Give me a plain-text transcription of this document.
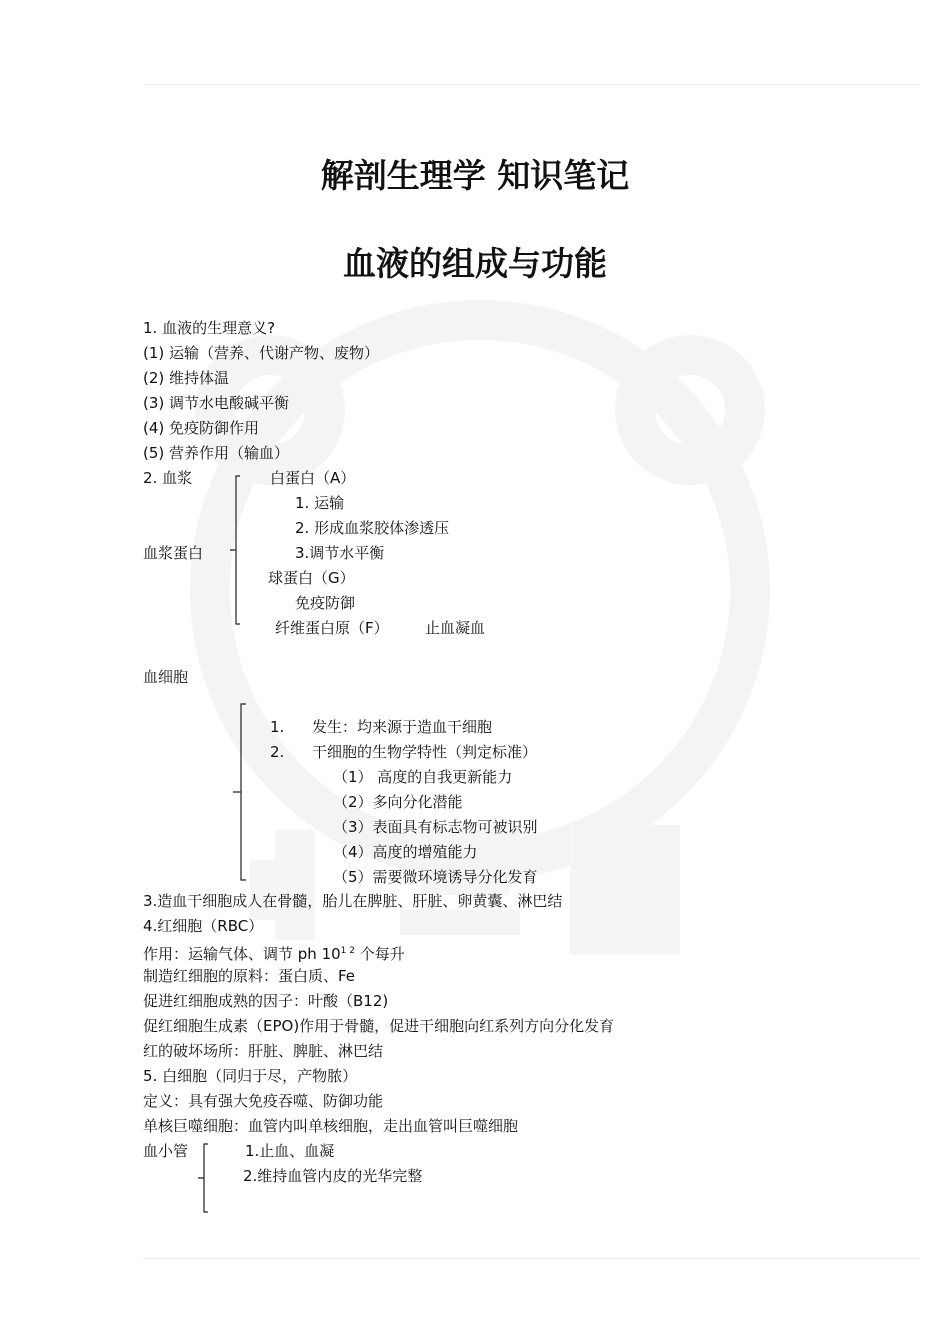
解剖生理学 知识笔记
血液的组成与功能
1. 血液的生理意义?
(1) 运输（营养、代谢产物、废物）
(2) 维持体温
(3) 调节水电酸碱平衡
(4) 免疫防御作用
(5) 营养作用（输血）
2. 血浆
血浆蛋白
白蛋白（A）
1. 运输
2. 形成血浆胶体渗透压
3.调节水平衡
球蛋白（G）
免疫防御
纤维蛋白原（F） 止血凝血
血细胞
1. 发生：均来源于造血干细胞
2. 干细胞的生物学特性（判定标准）
（1） 高度的自我更新能力
（2）多向分化潜能
（3）表面具有标志物可被识别
（4）高度的增殖能力
（5）需要微环境诱导分化发育
3.造血干细胞成人在骨髓，胎儿在脾脏、肝脏、卵黄囊、淋巴结
4.红细胞（RBC）
作用：运输气体、调节 ph $10^{1 2}$ 个每升
制造红细胞的原料：蛋白质、Fe
促进红细胞成熟的因子：叶酸（B12)
促红细胞生成素（EPO)作用于骨髓，促进干细胞向红系列方向分化发育
红的破坏场所：肝脏、脾脏、淋巴结
5. 白细胞（同归于尽，产物脓）
定义：具有强大免疫吞噬、防御功能
单核巨噬细胞：血管内叫单核细胞，走出血管叫巨噬细胞
血小管	1.止血、血凝
2.维持血管内皮的光华完整
